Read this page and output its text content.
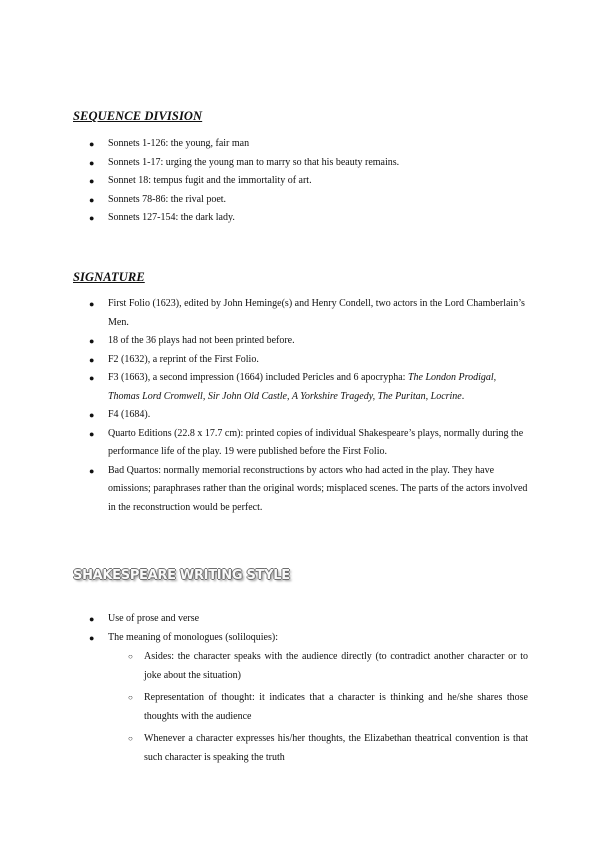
SEQUENCE DIVISION
● Sonnets 1-126: the young, fair man
● Sonnets 1-17: urging the young man to marry so that his beauty remains.
● Sonnet 18: tempus fugit and the immortality of art.
● Sonnets 78-86: the rival poet.
● Sonnets 127-154: the dark lady.
SIGNATURE
● First Folio (1623), edited by John Heminge(s) and Henry Condell, two actors in the Lord Chamberlain’s Men.
● 18 of the 36 plays had not been printed before.
● F2 (1632), a reprint of the First Folio.
● F3 (1663), a second impression (1664) included Pericles and 6 apocrypha: The London Prodigal, Thomas Lord Cromwell, Sir John Old Castle, A Yorkshire Tragedy, The Puritan, Locrine.
● F4 (1684).
● Quarto Editions (22.8 x 17.7 cm): printed copies of individual Shakespeare’s plays, normally during the performance life of the play. 19 were published before the First Folio.
● Bad Quartos: normally memorial reconstructions by actors who had acted in the play. They have omissions; paraphrases rather than the original words; misplaced scenes. The parts of the actors involved in the reconstruction would be perfect.
SHAKESPEARE WRITING STYLE
● Use of prose and verse
● The meaning of monologues (soliloquies):
○ Asides: the character speaks with the audience directly (to contradict another character or to joke about the situation)
○ Representation of thought: it indicates that a character is thinking and he/she shares those thoughts with the audience
○ Whenever a character expresses his/her thoughts, the Elizabethan theatrical convention is that such character is speaking the truth
